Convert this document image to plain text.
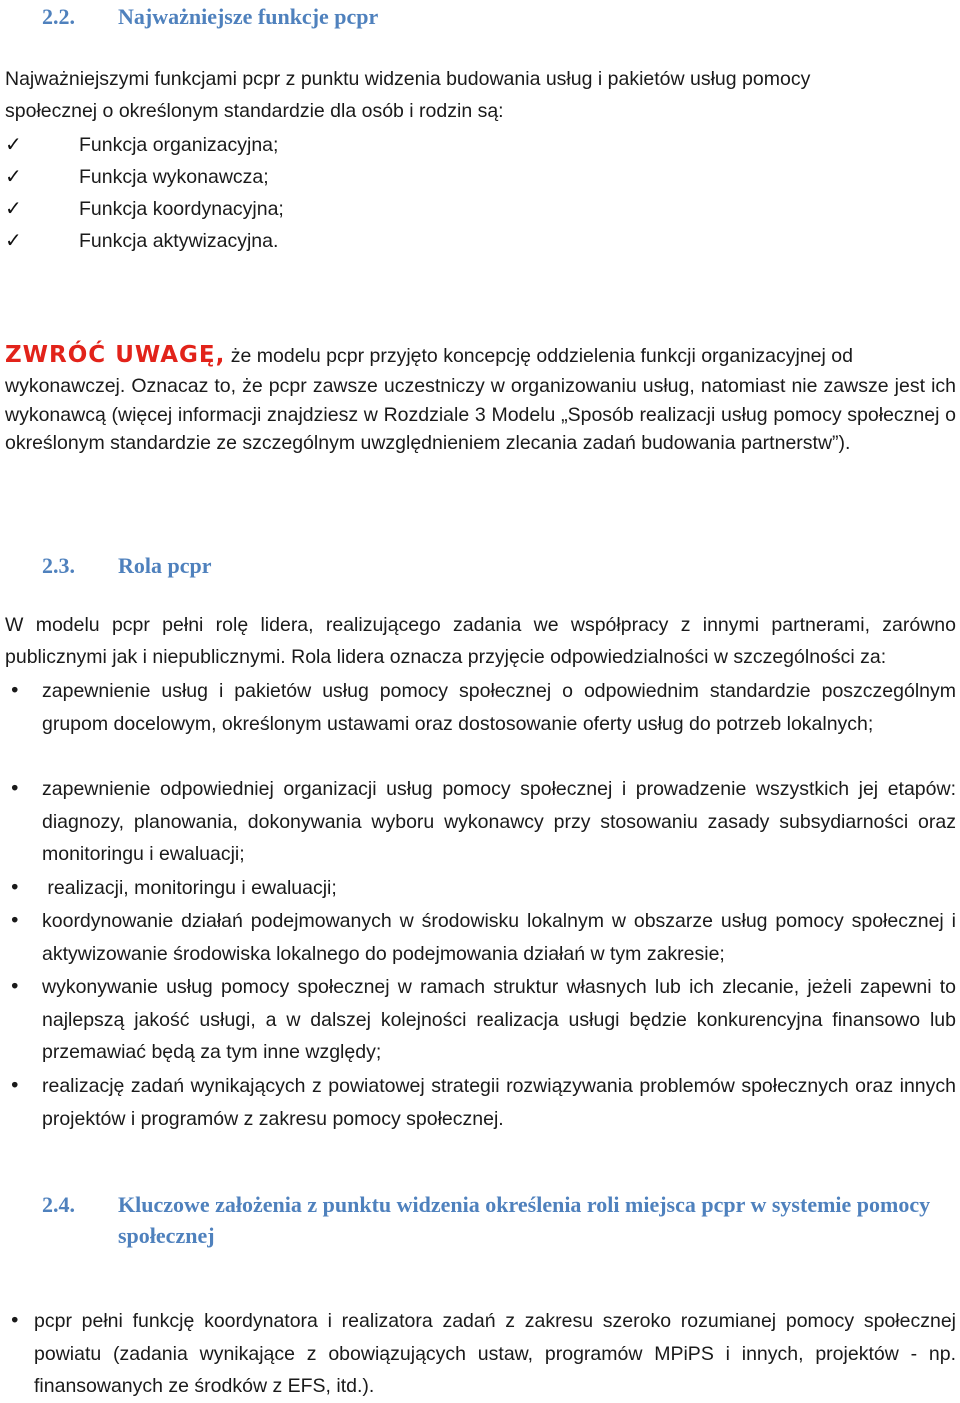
2.2. Najważniejsze funkcje pcpr
Najważniejszymi funkcjami pcpr z punktu widzenia budowania usług i pakietów usług pomocy
społecznej o określonym standardzie dla osób i rodzin są:
✓	Funkcja organizacyjna;
✓	Funkcja wykonawcza;
✓	Funkcja koordynacyjna;
✓	Funkcja aktywizacyjna.
ZWRÓĆ UWAGĘ, że modelu pcpr przyjęto koncepcję oddzielenia funkcji organizacyjnej od
wykonawczej. Oznacaz to, że pcpr zawsze uczestniczy w organizowaniu usług, natomiast nie zawsze jest ich wykonawcą (więcej informacji znajdziesz w Rozdziale 3 Modelu „Sposób realizacji usług pomocy społecznej o określonym standardzie ze szczególnym uwzględnieniem zlecania zadań budowania partnerstw”).
2.3. Rola pcpr
W modelu pcpr pełni rolę lidera, realizującego zadania we współpracy z innymi partnerami, zarówno publicznymi jak i niepublicznymi. Rola lidera oznacza przyjęcie odpowiedzialności w szczególności za:
• zapewnienie usług i pakietów usług pomocy społecznej o odpowiednim standardzie poszczególnym grupom docelowym, określonym ustawami oraz dostosowanie oferty usług do potrzeb lokalnych;
• zapewnienie odpowiedniej organizacji usług pomocy społecznej i prowadzenie wszystkich jej etapów: diagnozy, planowania, dokonywania wyboru wykonawcy przy stosowaniu zasady subsydiarności oraz monitoringu i ewaluacji;
• realizacji, monitoringu i ewaluacji;
• koordynowanie działań podejmowanych w środowisku lokalnym w obszarze usług pomocy społecznej i aktywizowanie środowiska lokalnego do podejmowania działań w tym zakresie;
• wykonywanie usług pomocy społecznej w ramach struktur własnych lub ich zlecanie, jeżeli zapewni to najlepszą jakość usługi, a w dalszej kolejności realizacja usługi będzie konkurencyjna finansowo lub przemawiać będą za tym inne względy;
• realizację zadań wynikających z powiatowej strategii rozwiązywania problemów społecznych oraz innych projektów i programów z zakresu pomocy społecznej.
2.4. Kluczowe założenia z punktu widzenia określenia roli miejsca pcpr w systemie pomocy społecznej
• pcpr pełni funkcję koordynatora i realizatora zadań z zakresu szeroko rozumianej pomocy społecznej powiatu (zadania wynikające z obowiązujących ustaw, programów MPiPS i innych, projektów - np. finansowanych ze środków z EFS, itd.).
